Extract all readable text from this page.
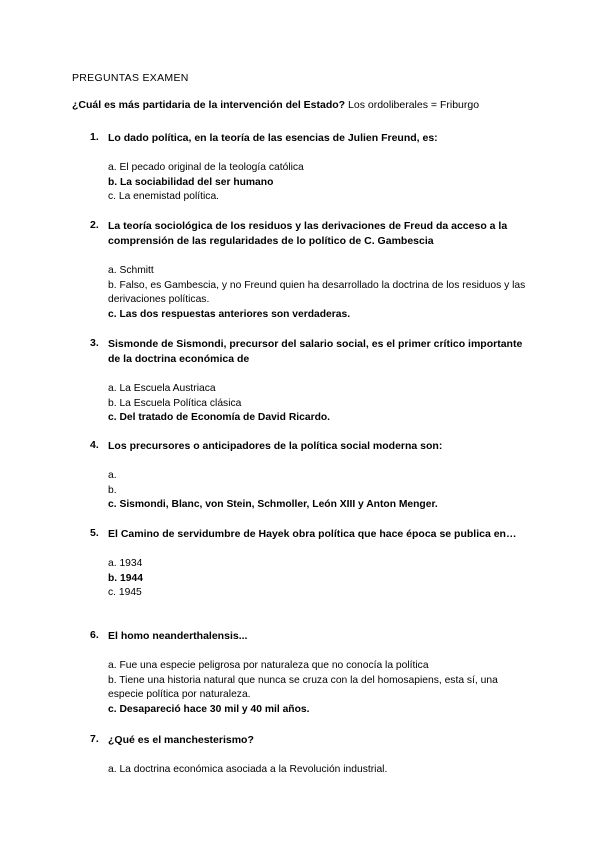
PREGUNTAS EXAMEN
¿Cuál es más partidaria de la intervención del Estado? Los ordoliberales = Friburgo
1. Lo dado política, en la teoría de las esencias de Julien Freund, es:
a. El pecado original de la teología católica
b. La sociabilidad del ser humano
c. La enemistad política.
2. La teoría sociológica de los residuos y las derivaciones de Freud da acceso a la comprensión de las regularidades de lo político de C. Gambescia
a. Schmitt
b. Falso, es Gambescia, y no Freund quien ha desarrollado la doctrina de los residuos y las derivaciones políticas.
c. Las dos respuestas anteriores son verdaderas.
3. Sismonde de Sismondi, precursor del salario social, es el primer crítico importante de la doctrina económica de
a. La Escuela Austriaca
b. La Escuela Política clásica
c. Del tratado de Economía de David Ricardo.
4. Los precursores o anticipadores de la política social moderna son:
a.
b.
c. Sismondi, Blanc, von Stein, Schmoller, León XIII y Anton Menger.
5. El Camino de servidumbre de Hayek obra política que hace época se publica en…
a. 1934
b. 1944
c. 1945
6. El homo neanderthalensis...
a. Fue una especie peligrosa por naturaleza que no conocía la política
b. Tiene una historia natural que nunca se cruza con la del homosapiens, esta sí, una especie política por naturaleza.
c. Desapareció hace 30 mil y 40 mil años.
7. ¿Qué es el manchesterismo?
a. La doctrina económica asociada a la Revolución industrial.
